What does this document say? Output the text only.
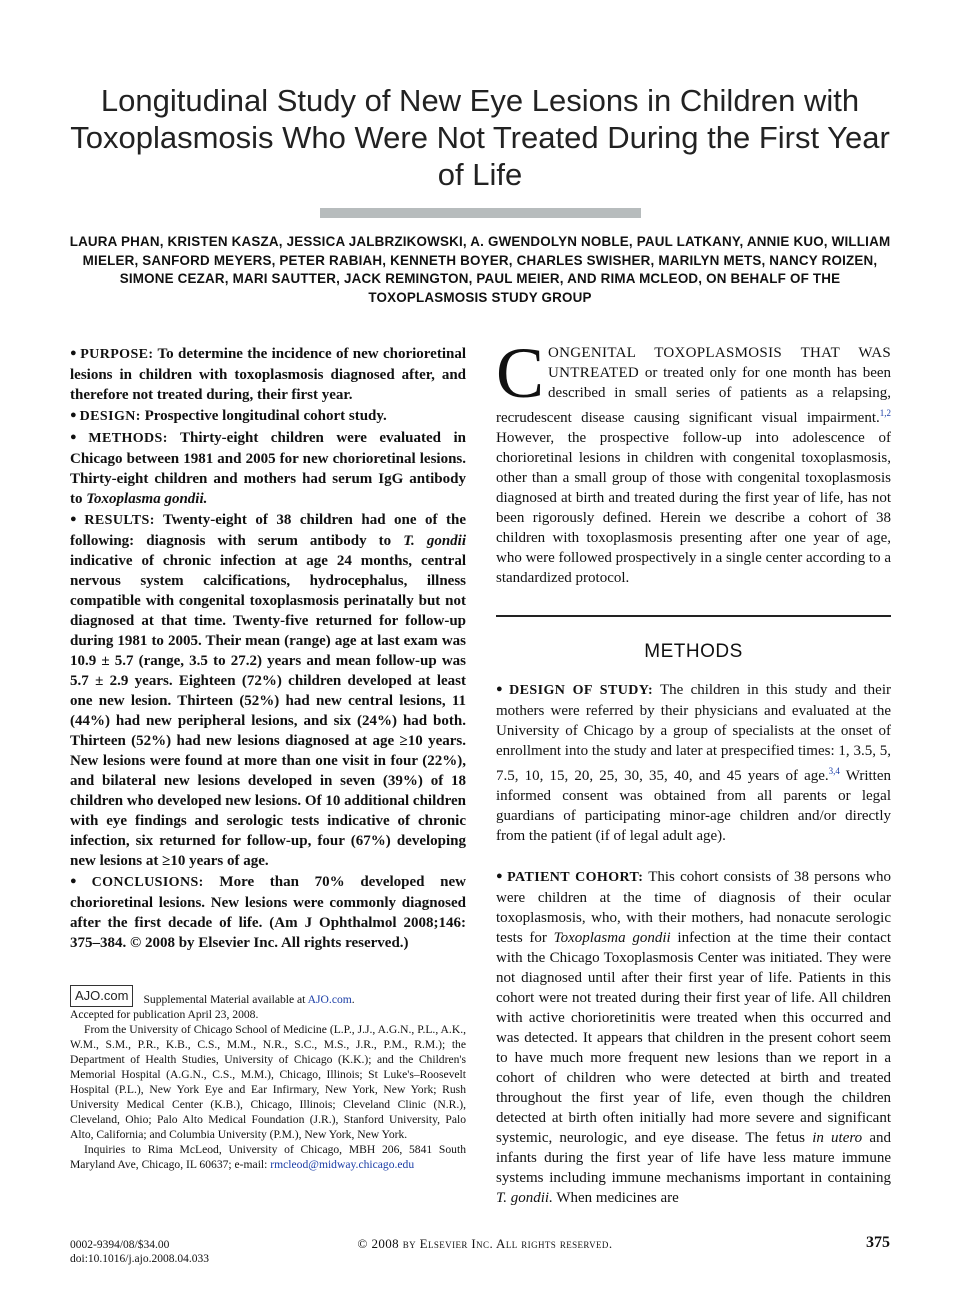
Longitudinal Study of New Eye Lesions in Children with Toxoplasmosis Who Were Not Treated During the First Year of Life
LAURA PHAN, KRISTEN KASZA, JESSICA JALBRZIKOWSKI, A. GWENDOLYN NOBLE, PAUL LATKANY, ANNIE KUO, WILLIAM MIELER, SANFORD MEYERS, PETER RABIAH, KENNETH BOYER, CHARLES SWISHER, MARILYN METS, NANCY ROIZEN, SIMONE CEZAR, MARI SAUTTER, JACK REMINGTON, PAUL MEIER, AND RIMA MCLEOD, ON BEHALF OF THE TOXOPLASMOSIS STUDY GROUP

● PURPOSE: To determine the incidence of new chorioretinal lesions in children with toxoplasmosis diagnosed after, and therefore not treated during, their first year.

● DESIGN: Prospective longitudinal cohort study.

● METHODS: Thirty-eight children were evaluated in Chicago between 1981 and 2005 for new chorioretinal lesions. Thirty-eight children and mothers had serum IgG antibody to Toxoplasma gondii.

● RESULTS: Twenty-eight of 38 children had one of the following: diagnosis with serum antibody to T. gondii indicative of chronic infection at age 24 months, central nervous system calcifications, hydrocephalus, illness compatible with congenital toxoplasmosis perinatally but not diagnosed at that time. Twenty-five returned for follow-up during 1981 to 2005. Their mean (range) age at last exam was 10.9 ± 5.7 (range, 3.5 to 27.2) years and mean follow-up was 5.7 ± 2.9 years. Eighteen (72%) children developed at least one new lesion. Thirteen (52%) had new central lesions, 11 (44%) had new peripheral lesions, and six (24%) had both. Thirteen (52%) had new lesions diagnosed at age ≥10 years. New lesions were found at more than one visit in four (22%), and bilateral new lesions developed in seven (39%) of 18 children who developed new lesions. Of 10 additional children with eye findings and serologic tests indicative of chronic infection, six returned for follow-up, four (67%) developing new lesions at ≥10 years of age.

● CONCLUSIONS: More than 70% developed new chorioretinal lesions. New lesions were commonly diagnosed after the first decade of life. (Am J Ophthalmol 2008;146: 375–384. © 2008 by Elsevier Inc. All rights reserved.)

AJO.com Supplemental Material available at AJO.com.

Accepted for publication April 23, 2008.

From the University of Chicago School of Medicine (L.P., J.J., A.G.N., P.L., A.K., W.M., S.M., P.R., K.B., C.S., M.M., N.R., S.C., M.S., J.R., P.M., R.M.); the Department of Health Studies, University of Chicago (K.K.); and the Children's Memorial Hospital (A.G.N., C.S., M.M.), Chicago, Illinois; St Luke's–Roosevelt Hospital (P.L.), New York Eye and Ear Infirmary, New York, New York; Rush University Medical Center (K.B.), Chicago, Illinois; Cleveland Clinic (N.R.), Cleveland, Ohio; Palo Alto Medical Foundation (J.R.), Stanford University, Palo Alto, California; and Columbia University (P.M.), New York, New York.

Inquiries to Rima McLeod, University of Chicago, MBH 206, 5841 South Maryland Ave, Chicago, IL 60637; e-mail: rmcleod@midway.chicago.edu

CONGENITAL TOXOPLASMOSIS THAT WAS UNTREATED or treated only for one month has been described in small series of patients as a relapsing, recrudescent disease causing significant visual impairment.$^{1,2}$ However, the prospective follow-up into adolescence of chorioretinal lesions in children with congenital toxoplasmosis, other than a small group of those with congenital toxoplasmosis diagnosed at birth and treated during the first year of life, has not been rigorously defined. Herein we describe a cohort of 38 children with toxoplasmosis presenting after one year of age, who were followed prospectively in a single center according to a standardized protocol.

METHODS

● DESIGN OF STUDY: The children in this study and their mothers were referred by their physicians and evaluated at the University of Chicago by a group of specialists at the onset of enrollment into the study and later at prespecified times: 1, 3.5, 5, 7.5, 10, 15, 20, 25, 30, 35, 40, and 45 years of age.$^{3,4}$ Written informed consent was obtained from all parents or legal guardians of participating minor-age children and/or directly from the patient (if of legal adult age).

● PATIENT COHORT: This cohort consists of 38 persons who were children at the time of diagnosis of their ocular toxoplasmosis, who, with their mothers, had nonacute serologic tests for Toxoplasma gondii infection at the time their contact with the Chicago Toxoplasmosis Center was initiated. They were not diagnosed until after their first year of life. Patients in this cohort were not treated during their first year of life. All children with active chorioretinitis were treated when this occurred and was detected. It appears that children in the present cohort seem to have much more frequent new lesions than we report in a cohort of children who were detected at birth and treated throughout the first year of life, even though the children detected at birth often initially had more severe and significant systemic, neurologic, and eye disease. The fetus in utero and infants during the first year of life have less mature immune systems including immune mechanisms important in containing T. gondii. When medicines are

0002-9394/08/$34.00
doi:10.1016/j.ajo.2008.04.033
© 2008 by Elsevier Inc. All rights reserved.	375
